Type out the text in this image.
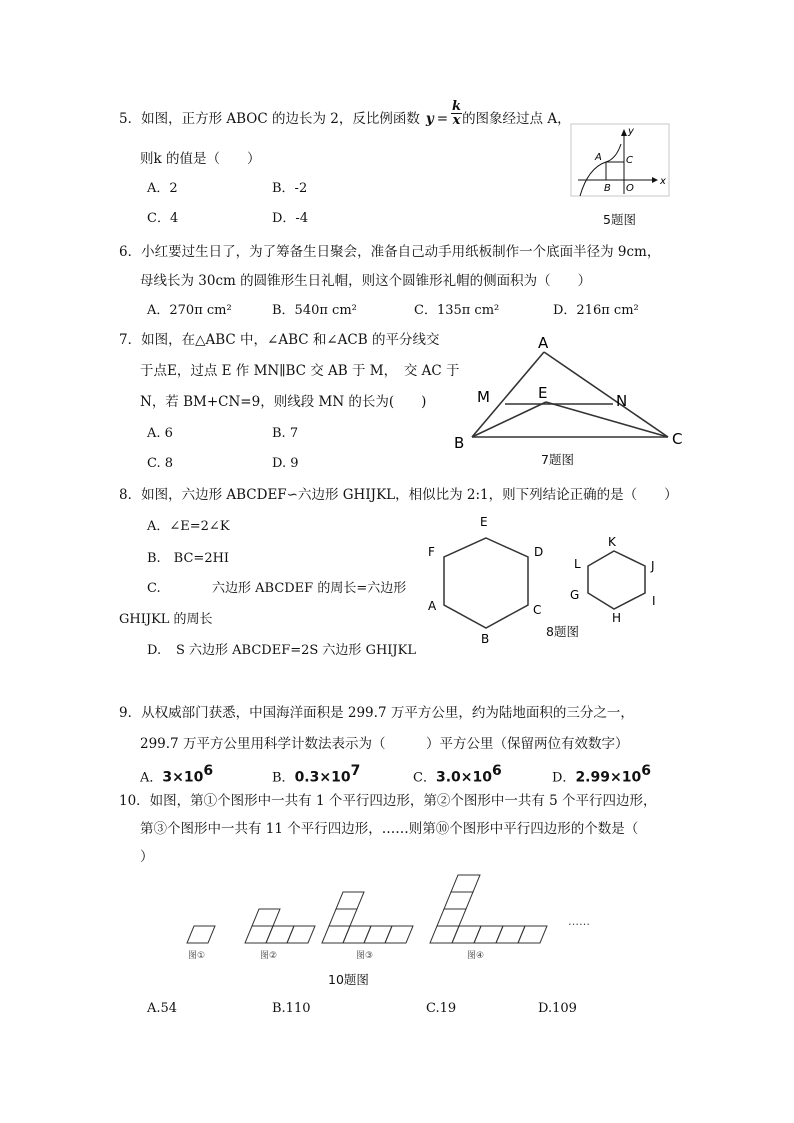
5．如图，正方形 ABOC 的边长为 2，反比例函数 $y = \frac{k}{x}$ 的图象经过点 A，
则k 的值是（　　）
A．2	B．-2
C．4	D．-4
A
B
C
O
x
y
5题图
6．小红要过生日了，为了筹备生日聚会，准备自己动手用纸板制作一个底面半径为 9cm，
母线长为 30cm 的圆锥形生日礼帽，则这个圆锥形礼帽的侧面积为（　　）
A．270π cm²	B．540π cm²	C．135π cm²	D．216π cm²
7．如图，在△ABC 中，∠ABC 和∠ACB 的平分线交
于点E，过点 E 作 MN∥BC 交 AB 于 M，　交 AC 于
N，若 BM+CN=9，则线段 MN 的长为(　　)
A. 6	B. 7
C. 8	D. 9
A
B	C
M	N
E
7题图
8．如图，六边形 ABCDEF∽六边形 GHIJKL，相似比为 2:1，则下列结论正确的是（　　）
A．∠E=2∠K
B.　BC=2HI
C.	六边形 ABCDEF 的周长=六边形
GHIJKL 的周长
D. S 六边形 ABCDEF=2S 六边形 GHIJKL
E
D
C
B
A
F
K
J
I
H
G
L
8题图
9．从权威部门获悉，中国海洋面积是 299.7 万平方公里，约为陆地面积的三分之一，
299.7 万平方公里用科学计数法表示为（　　　）平方公里（保留两位有效数字）
A．$3\times 10^6$	B．$0.3\times 10^7$	C．$3.0\times 10^6$	D．$2.99\times 10^6$
10．如图，第①个图形中一共有 1 个平行四边形，第②个图形中一共有 5 个平行四边形，
第③个图形中一共有 11 个平行四边形，……则第⑩个图形中平行四边形的个数是（
）
图①	图②	图③	图④
……
10题图
A.54	B.110	C.19	D.109
